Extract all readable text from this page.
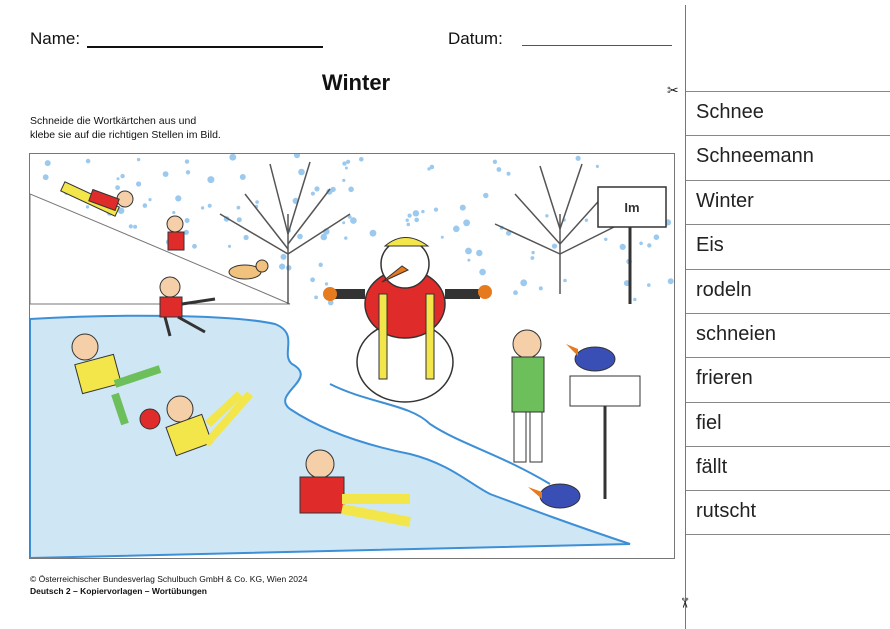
Name:	Datum:
Winter
Schneide die Wortkärtchen aus und
klebe sie auf die richtigen Stellen im Bild.
Im
© Österreichischer Bundesverlag Schulbuch GmbH & Co. KG, Wien 2024
Deutsch 2 – Kopiervorlagen – Wortübungen
✂
✂
Schnee
Schneemann
Winter
Eis
rodeln
schneien
frieren
fiel
fällt
rutscht
